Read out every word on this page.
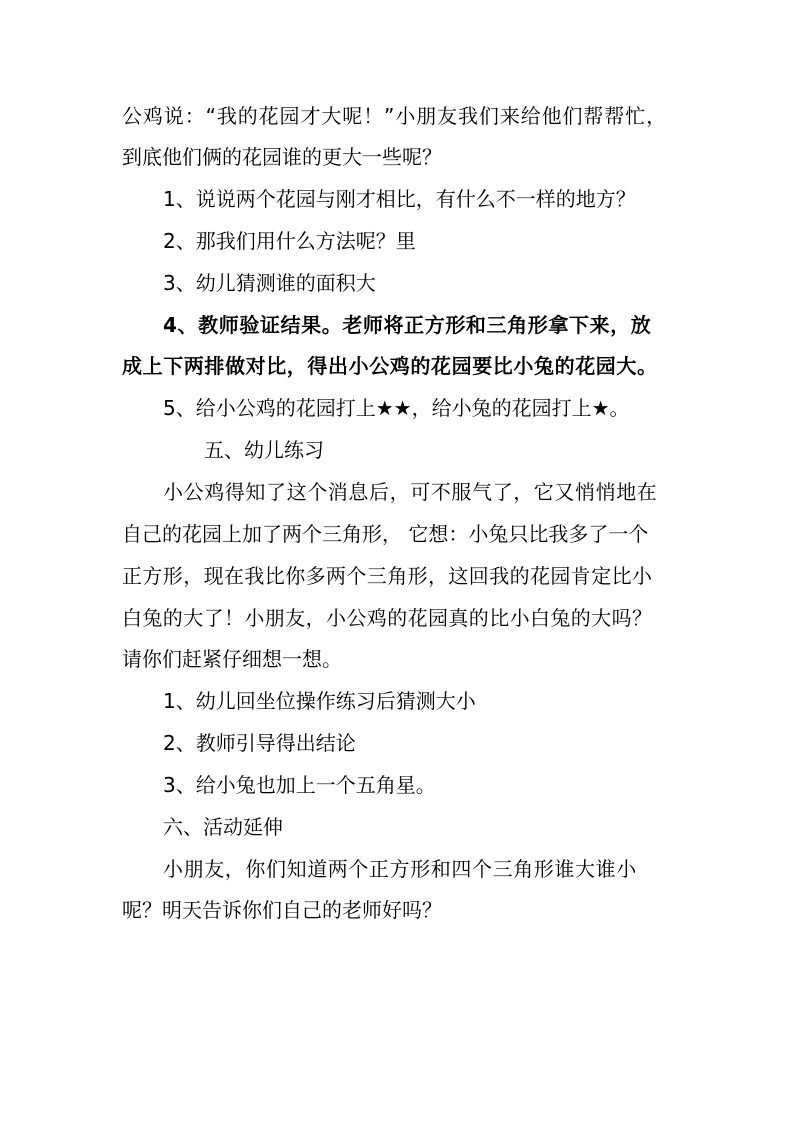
公鸡说：“我的花园才大呢！”小朋友我们来给他们帮帮忙，
到底他们俩的花园谁的更大一些呢？
1、说说两个花园与刚才相比，有什么不一样的地方？
2、那我们用什么方法呢？里
3、幼儿猜测谁的面积大
4、教师验证结果。老师将正方形和三角形拿下来，放
成上下两排做对比，得出小公鸡的花园要比小兔的花园大。
5、给小公鸡的花园打上★★，给小兔的花园打上★。
五、幼儿练习
小公鸡得知了这个消息后，可不服气了，它又悄悄地在
自己的花园上加了两个三角形， 它想：小兔只比我多了一个
正方形，现在我比你多两个三角形，这回我的花园肯定比小
白兔的大了！小朋友，小公鸡的花园真的比小白兔的大吗？
请你们赶紧仔细想一想。
1、幼儿回坐位操作练习后猜测大小
2、教师引导得出结论
3、给小兔也加上一个五角星。
六、活动延伸
小朋友，你们知道两个正方形和四个三角形谁大谁小
呢？明天告诉你们自己的老师好吗？
